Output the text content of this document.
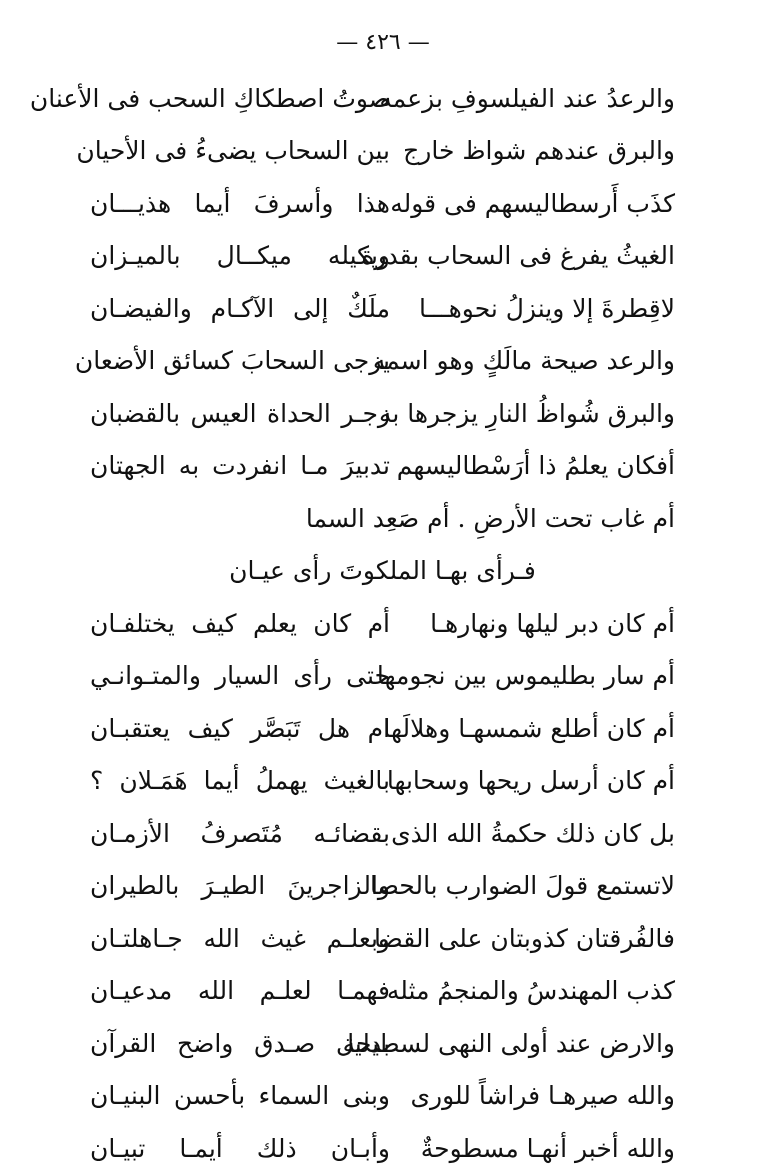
— ٤٢٦ —
والرعدُ عند الفيلسوفِ بزعمه
صوتُ اصطكاكِ السحب فى الأعنان
والبرق عندهم شواظ خارج
بين السحاب يضىءُ فى الأحيان
كذَب أَرسطاليسهم فى قوله
هذا وأسرفَ أيما هذيـــان
الغيثُ يفرغ فى السحاب بقدرة
ويكيله ميكــال بالميـزان
لاقِطرةَ إلا وينزلُ نحوهـــا
ملَكٌ إلى الآكـام والفيضـان
والرعد صيحة مالَكٍ وهو اسمه
يزجى السحابَ كسائق الأضعان
والبرق شُواظُ النارِ يزجرها به
زجـر الحداة العيس بالقضبان
أفكان يعلمُ ذا أرَسْطاليسهم
تدبيرَ مـا انفردت به الجهتان
أم غاب تحت الأرضِ . أم صَعِد السما
فـرأى بهـا الملكوتَ رأى عيـان
أم كان دبر ليلها ونهارهـا
أم كان يعلم كيف يختلفـان
أم سار بطليموس بين نجومها
حتى رأى السيار والمتـوانـي
أم كان أطلع شمسهـا وهلالَها
ام هل تَبَصَّر كيف يعتقبـان
أم كان أرسل ريحها وسحابها
بالغيث يهملُ أيما هَمَـلان ؟
بل كان ذلك حكمةُ الله الذى
بقضائـه مُتَصرفُ الأزمـان
لاتستمع قولَ الضوارب بالحصا
والزاجرينَ الطيـرَ بالطيران
فالفُرقتان كذوبتان على القضا
وبعلـم غيث الله جـاهلتـان
كذب المهندسُ والمنجمُ مثله
فهمـا لعلـم الله مدعيـان
والارض عند أولى النهى لسطيحة
بدليل صـدق واضح القرآن
والله صيرهـا فراشاً للورى
وبنى السماء بأحسن البنيـان
والله أخبر أنهـا مسطوحةٌ
وأبـان ذلك أيمـا تبيـان
